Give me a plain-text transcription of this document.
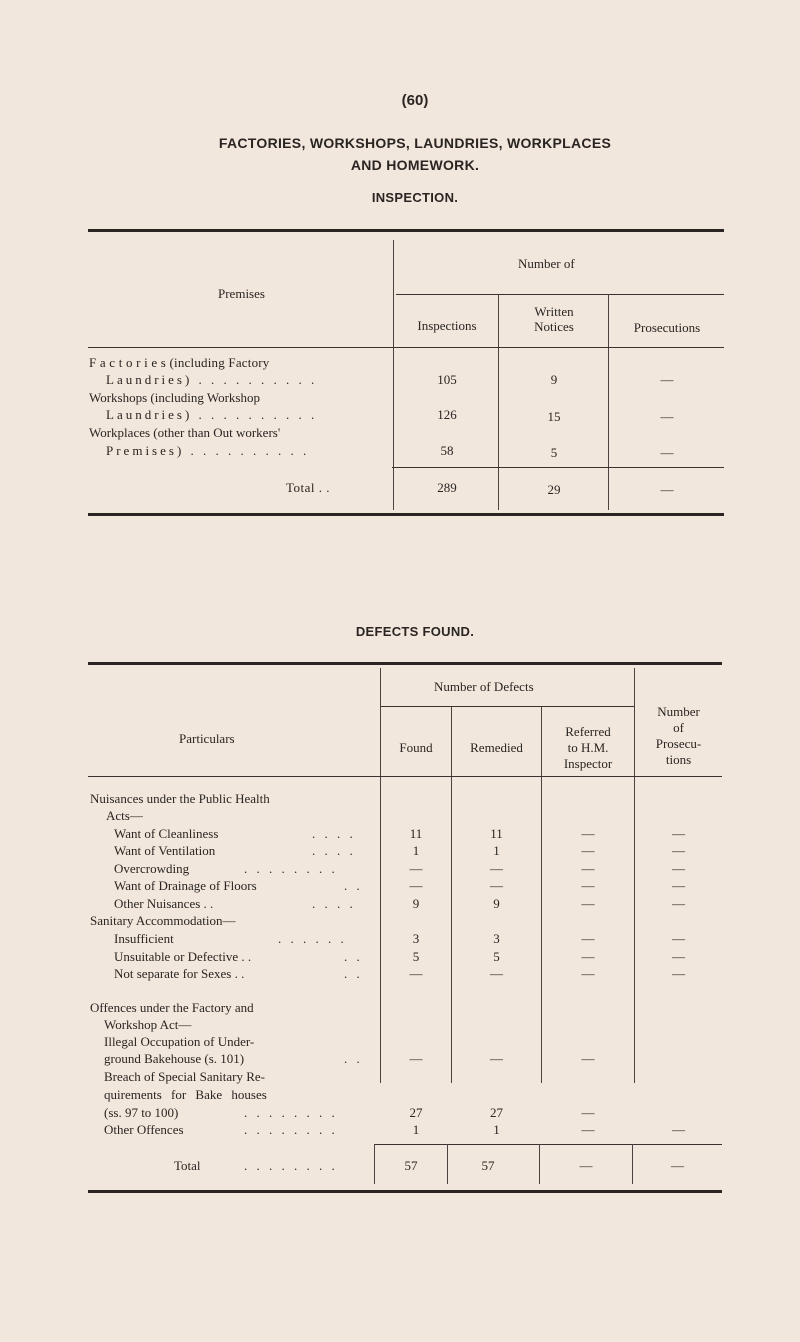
(60)
FACTORIES, WORKSHOPS, LAUNDRIES, WORKPLACES
AND HOMEWORK.
INSPECTION.
Premises
Number of
Inspections
Written Notices	Prosecutions
F a c t o r i e s (including Factory
Laundries) . . . . . . . . . .	105	9	—
Workshops (including Workshop
Laundries) . . . . . . . . . .	126	15	—
Workplaces (other than Out workers'
Premises) . . . . . . . . . .	58	5	—
Total . .	289	29	—
DEFECTS FOUND.
Particulars
Number of Defects
Found	Remedied
Referred
to H.M.
Inspector
Number
of
Prosecu-
tions
Nuisances under the Public Health
Acts—
Want of Cleanliness	. . . .	11	11	—	—
Want of Ventilation	. . . .	1	1	—	—
Overcrowding	. . . . . . . .	—	—	—	—
Want of Drainage of Floors	. .	—	—	—	—
Other Nuisances . .	. . . .	9	9	—	—
Sanitary Accommodation—
Insufficient	. . . . . .	3	3	—	—
Unsuitable or Defective . .	. .	5	5	—	—
Not separate for Sexes . .	. .	—	—	—	—
Offences under the Factory and
Workshop Act—
Illegal Occupation of Under-
ground Bakehouse (s. 101)	. .	—	—	—
Breach of Special Sanitary Re-
quirements for Bake houses
(ss. 97 to 100)	. . . . . . . .	27	27	—
Other Offences	. . . . . . . .	1	1	—	—
Total	. . . . . . . .	57	57	—	—
